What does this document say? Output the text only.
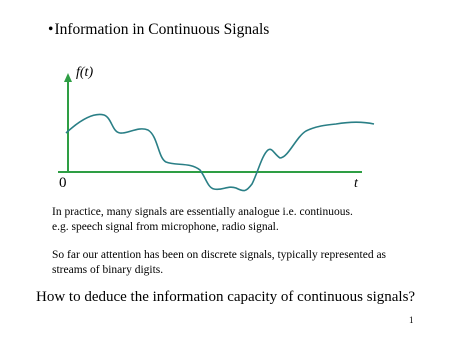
•Information in Continuous Signals
f(t)
t
0
In practice, many signals are essentially analogue i.e. continuous.
e.g. speech signal from microphone, radio signal.
So far our attention has been on discrete signals, typically represented as
streams of binary digits.
How to deduce the information capacity of continuous signals?
1
